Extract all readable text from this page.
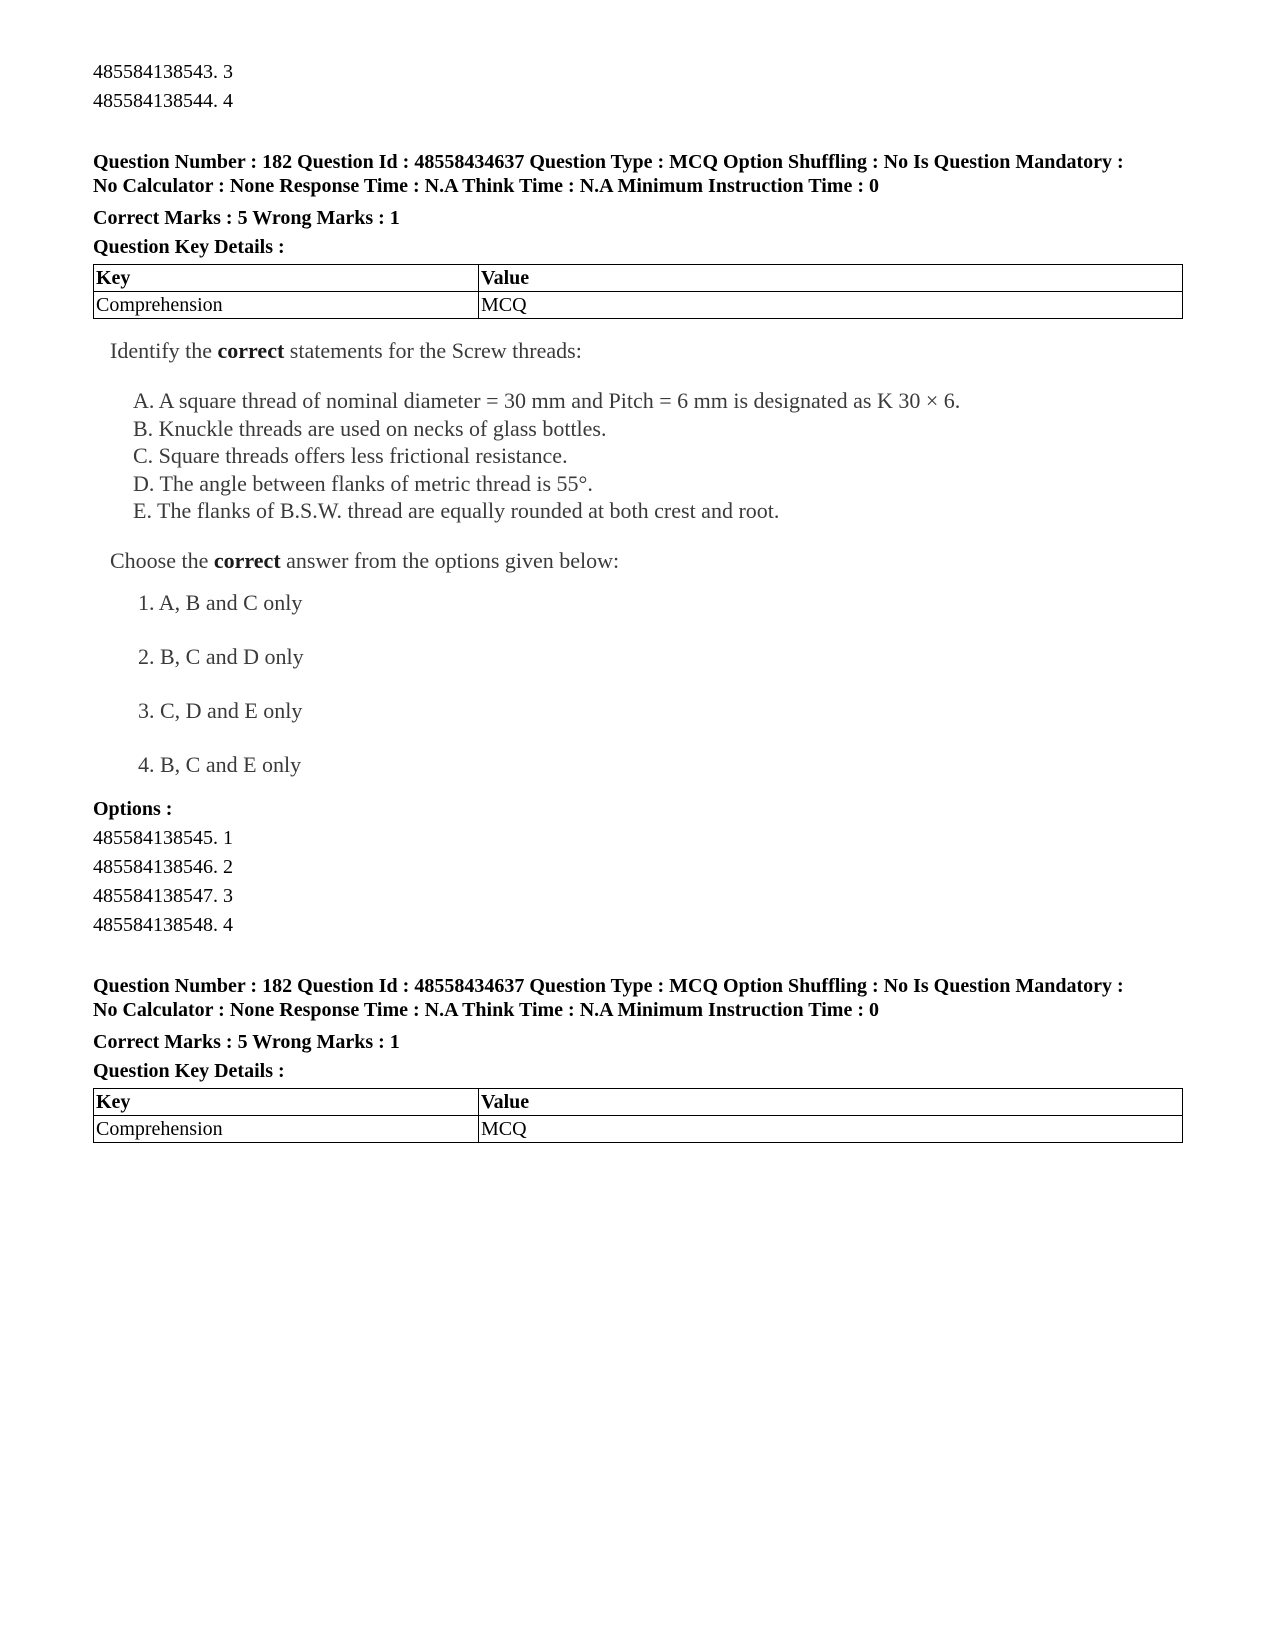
485584138543. 3
485584138544. 4
Question Number : 182 Question Id : 48558434637 Question Type : MCQ Option Shuffling : No Is Question Mandatory :
No Calculator : None Response Time : N.A Think Time : N.A Minimum Instruction Time : 0
Correct Marks : 5 Wrong Marks : 1
Question Key Details :
Key	Value
Comprehension	MCQ
Identify the correct statements for the Screw threads:
A. A square thread of nominal diameter = 30 mm and Pitch = 6 mm is designated as K 30 × 6.
B. Knuckle threads are used on necks of glass bottles.
C. Square threads offers less frictional resistance.
D. The angle between flanks of metric thread is 55°.
E. The flanks of B.S.W. thread are equally rounded at both crest and root.
Choose the correct answer from the options given below:
1. A, B and C only
2. B, C and D only
3. C, D and E only
4. B, C and E only
Options :
485584138545. 1
485584138546. 2
485584138547. 3
485584138548. 4
Question Number : 182 Question Id : 48558434637 Question Type : MCQ Option Shuffling : No Is Question Mandatory :
No Calculator : None Response Time : N.A Think Time : N.A Minimum Instruction Time : 0
Correct Marks : 5 Wrong Marks : 1
Question Key Details :
Key	Value
Comprehension	MCQ
